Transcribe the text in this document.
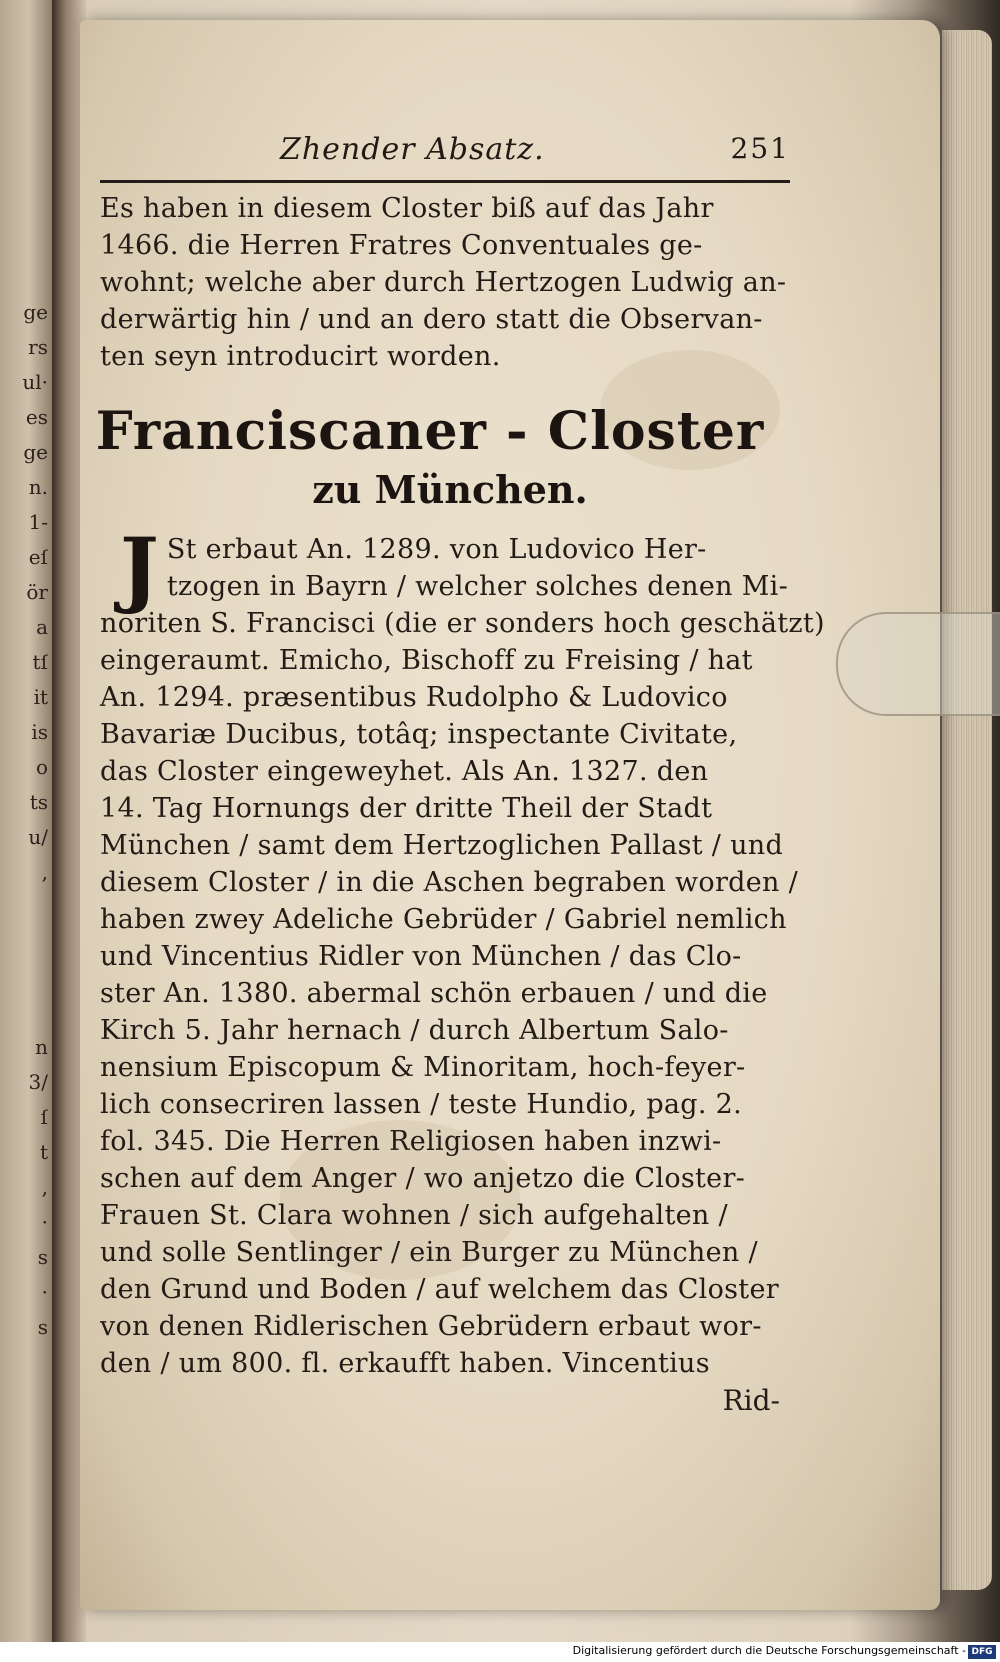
ge
rs
ul·
es
ge
n.
1-
eſ
ör
a
tſ
it
is
o
ts
u/
,
n
3/
ſ
t
,
·
s
·
s
Zhender Absatz.	251
Es haben in diesem Closter biß auf das Jahr
1466. die Herren Fratres Conventuales ge-
wohnt; welche aber durch Hertzogen Ludwig an-
derwärtig hin / und an dero statt die Observan-
ten seyn introducirt worden.
Franciscaner - Closter
zu München.
J St erbaut An. 1289. von Ludovico Her-
tzogen in Bayrn / welcher solches denen Mi-
noriten S. Francisci (die er sonders hoch geschätzt)
eingeraumt. Emicho, Bischoff zu Freising / hat
An. 1294. præsentibus Rudolpho & Ludovico
Bavariæ Ducibus, totâq; inspectante Civitate,
das Closter eingeweyhet. Als An. 1327. den
14. Tag Hornungs der dritte Theil der Stadt
München / samt dem Hertzoglichen Pallast / und
diesem Closter / in die Aschen begraben worden /
haben zwey Adeliche Gebrüder / Gabriel nemlich
und Vincentius Ridler von München / das Clo-
ster An. 1380. abermal schön erbauen / und die
Kirch 5. Jahr hernach / durch Albertum Salo-
nensium Episcopum & Minoritam, hoch-feyer-
lich consecriren lassen / teste Hundio, pag. 2.
fol. 345. Die Herren Religiosen haben inzwi-
schen auf dem Anger / wo anjetzo die Closter-
Frauen St. Clara wohnen / sich aufgehalten /
und solle Sentlinger / ein Burger zu München /
den Grund und Boden / auf welchem das Closter
von denen Ridlerischen Gebrüdern erbaut wor-
den / um 800. fl. erkaufft haben. Vincentius
Rid-
Digitalisierung gefördert durch die Deutsche Forschungsgemeinschaft - DFG
